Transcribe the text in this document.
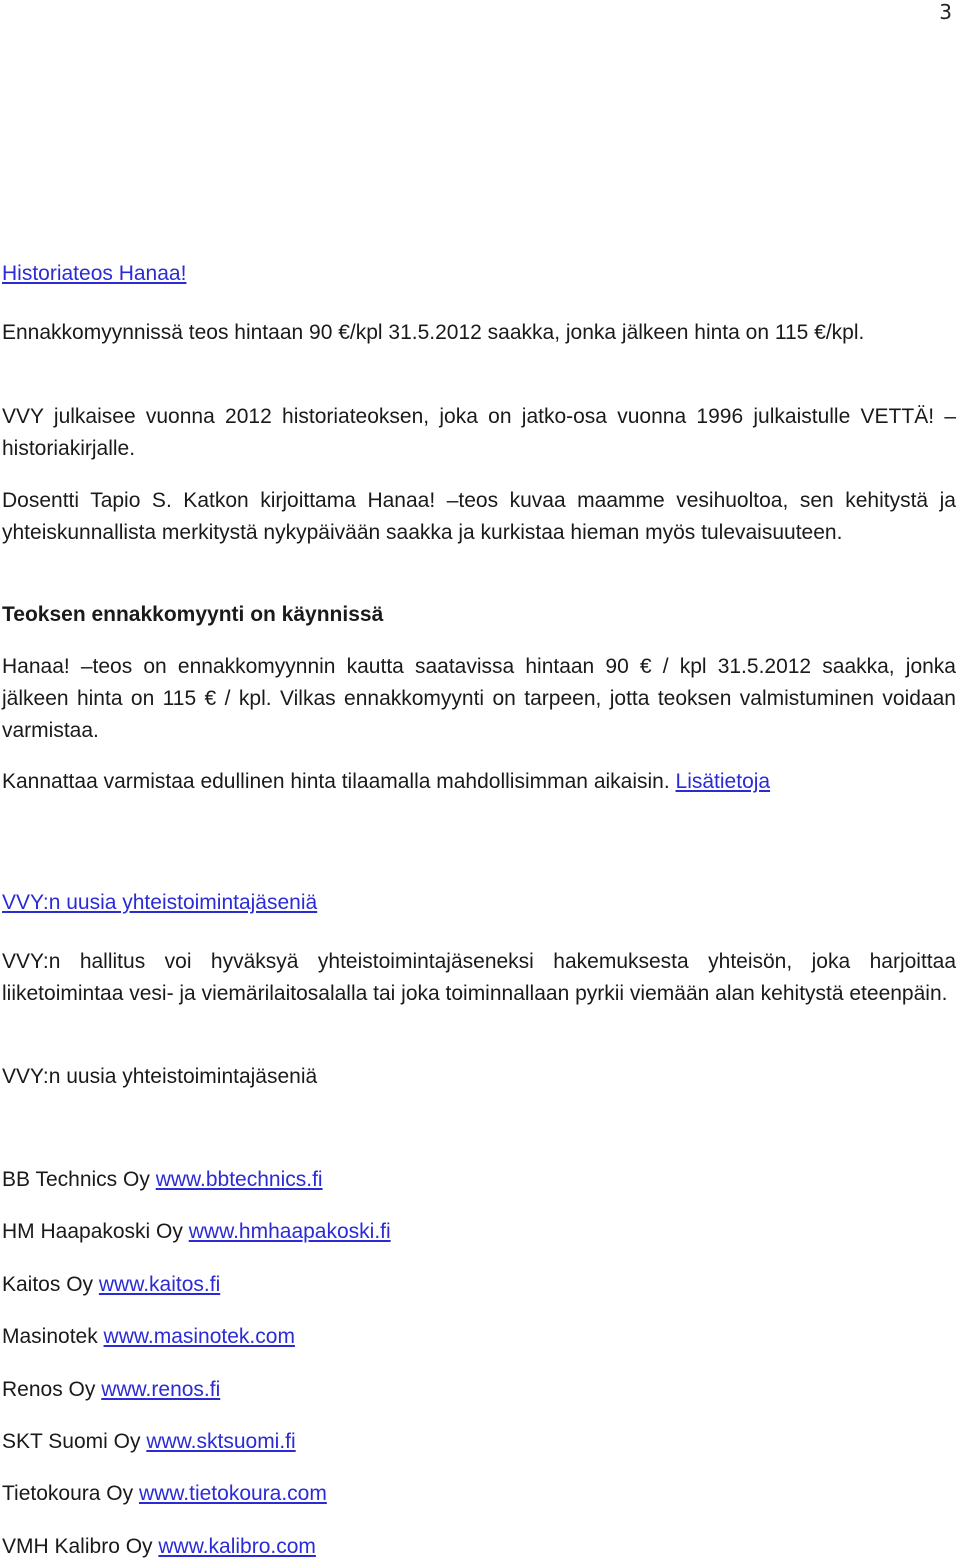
3
Historiateos Hanaa!

Ennakkomyynnissä teos hintaan 90 €/kpl 31.5.2012 saakka, jonka jälkeen hinta on 115 €/kpl.

VVY julkaisee vuonna 2012 historiateoksen, joka on jatko-osa vuonna 1996 julkaistulle VETTÄ! –historiakirjalle.

Dosentti Tapio S. Katkon kirjoittama Hanaa! –teos kuvaa maamme vesihuoltoa, sen kehitystä ja yhteiskunnallista merkitystä nykypäivään saakka ja kurkistaa hieman myös tulevaisuuteen.

Teoksen ennakkomyynti on käynnissä

Hanaa! –teos on ennakkomyynnin kautta saatavissa hintaan 90 € / kpl 31.5.2012 saakka, jonka jälkeen hinta on 115 € / kpl. Vilkas ennakkomyynti on tarpeen, jotta teoksen valmistuminen voidaan varmistaa.

Kannattaa varmistaa edullinen hinta tilaamalla mahdollisimman aikaisin. Lisätietoja

VVY:n uusia yhteistoimintajäseniä

VVY:n hallitus voi hyväksyä yhteistoimintajäseneksi hakemuksesta yhteisön, joka harjoittaa liiketoimintaa vesi- ja viemärilaitosalalla tai joka toiminnallaan pyrkii viemään alan kehitystä eteenpäin.

VVY:n uusia yhteistoimintajäseniä

BB Technics Oy www.bbtechnics.fi
HM Haapakoski Oy www.hmhaapakoski.fi
Kaitos Oy www.kaitos.fi
Masinotek www.masinotek.com
Renos Oy www.renos.fi
SKT Suomi Oy www.sktsuomi.fi
Tietokoura Oy www.tietokoura.com
VMH Kalibro Oy www.kalibro.com
